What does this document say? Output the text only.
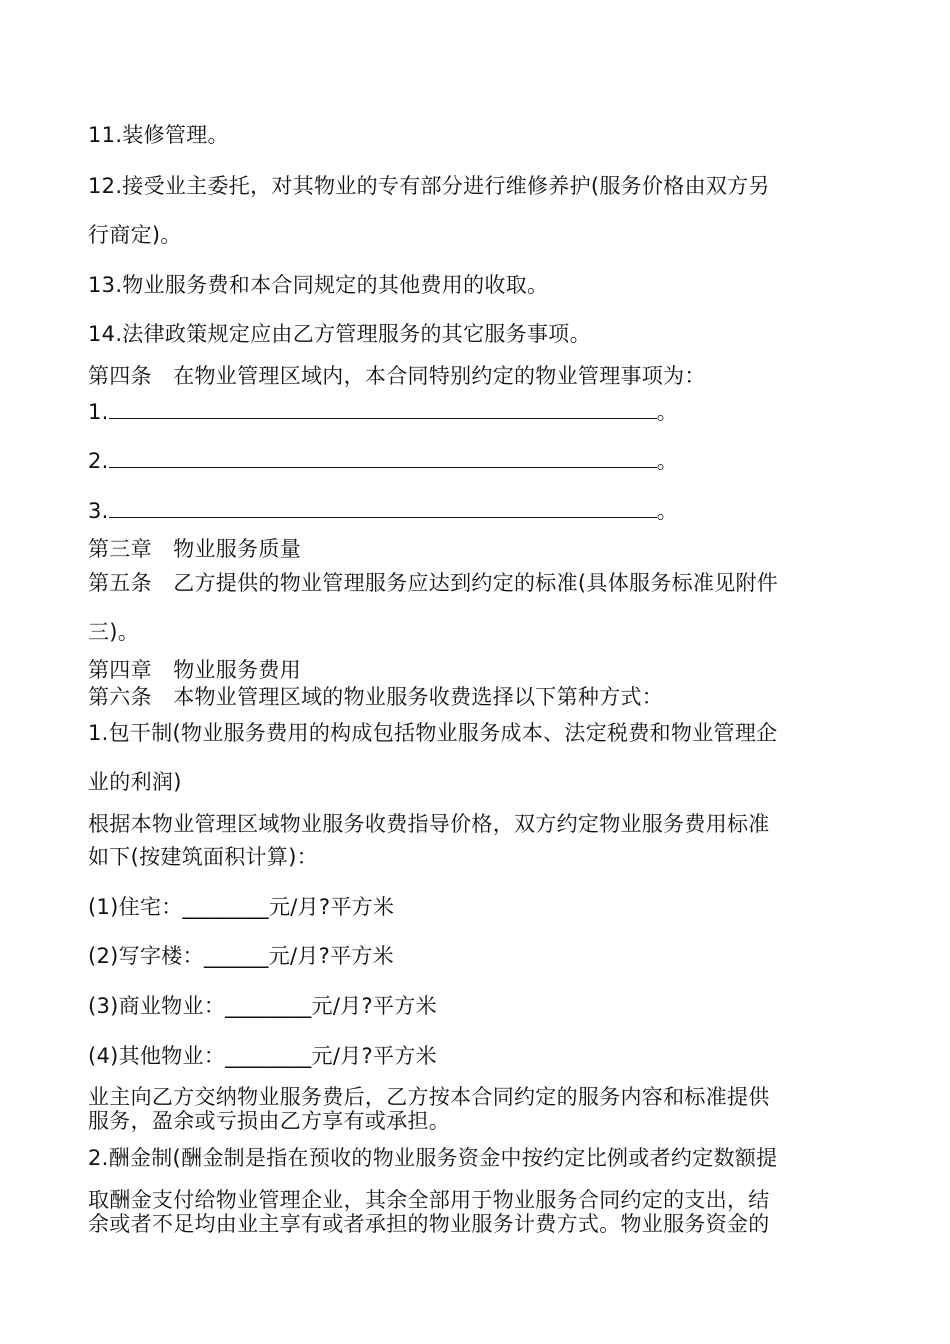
11.装修管理。
12.接受业主委托，对其物业的专有部分进行维修养护(服务价格由双方另
行商定)。
13.物业服务费和本合同规定的其他费用的收取。
14.法律政策规定应由乙方管理服务的其它服务事项。
第四条　在物业管理区域内，本合同特别约定的物业管理事项为：
1.	。
2.	。
3.	。
第三章　物业服务质量
第五条　乙方提供的物业管理服务应达到约定的标准(具体服务标准见附件
三)。
第四章　物业服务费用
第六条　本物业管理区域的物业服务收费选择以下第种方式：
1.包干制(物业服务费用的构成包括物业服务成本、法定税费和物业管理企
业的利润)
根据本物业管理区域物业服务收费指导价格，双方约定物业服务费用标准
如下(按建筑面积计算)：
(1)住宅：________元/月?平方米
(2)写字楼：______元/月?平方米
(3)商业物业：________元/月?平方米
(4)其他物业：________元/月?平方米
业主向乙方交纳物业服务费后，乙方按本合同约定的服务内容和标准提供
服务，盈余或亏损由乙方享有或承担。
2.酬金制(酬金制是指在预收的物业服务资金中按约定比例或者约定数额提
取酬金支付给物业管理企业，其余全部用于物业服务合同约定的支出，结
余或者不足均由业主享有或者承担的物业服务计费方式。物业服务资金的
